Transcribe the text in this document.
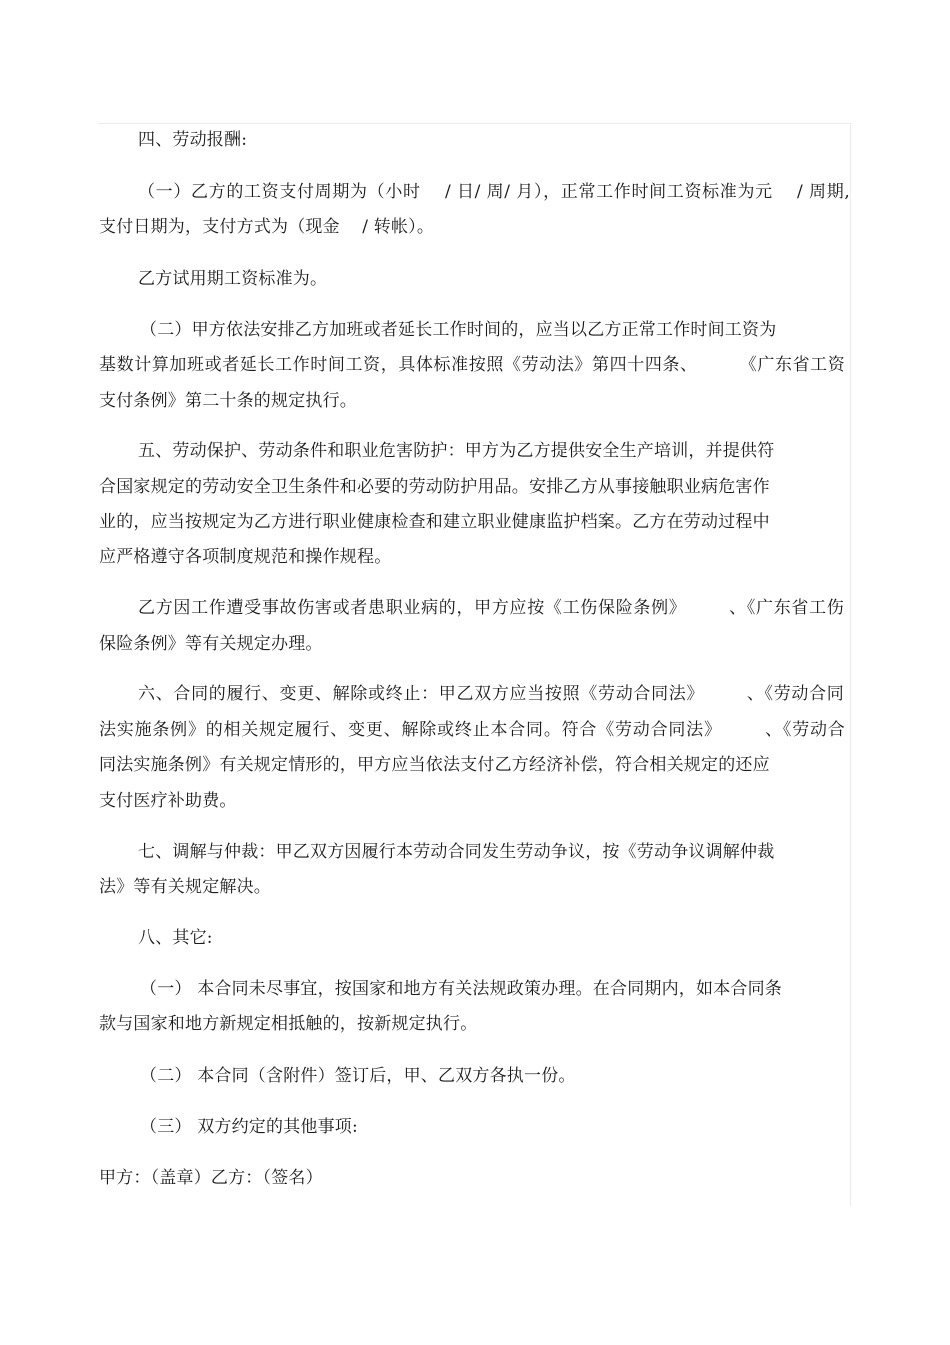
四、劳动报酬:
（一）乙方的工资支付周期为（小时    / 日/ 周/ 月），正常工作时间工资标准为元    / 周期,
支付日期为，支付方式为（现金    / 转帐）。
乙方试用期工资标准为。
（二）甲方依法安排乙方加班或者延长工作时间的，应当以乙方正常工作时间工资为
基数计算加班或者延长工作时间工资，具体标准按照《劳动法》第四十四条、       《广东省工资
支付条例》第二十条的规定执行。
五、劳动保护、劳动条件和职业危害防护：甲方为乙方提供安全生产培训，并提供符
合国家规定的劳动安全卫生条件和必要的劳动防护用品。安排乙方从事接触职业病危害作
业的，应当按规定为乙方进行职业健康检查和建立职业健康监护档案。乙方在劳动过程中
应严格遵守各项制度规范和操作规程。
乙方因工作遭受事故伤害或者患职业病的，甲方应按《工伤保险条例》       、《广东省工伤
保险条例》等有关规定办理。
六、合同的履行、变更、解除或终止：甲乙双方应当按照《劳动合同法》       、《劳动合同
法实施条例》的相关规定履行、变更、解除或终止本合同。符合《劳动合同法》       、《劳动合
同法实施条例》有关规定情形的，甲方应当依法支付乙方经济补偿，符合相关规定的还应
支付医疗补助费。
七、调解与仲裁：甲乙双方因履行本劳动合同发生劳动争议，按《劳动争议调解仲裁
法》等有关规定解决。
八、其它:
（一） 本合同未尽事宜，按国家和地方有关法规政策办理。在合同期内，如本合同条
款与国家和地方新规定相抵触的，按新规定执行。
（二） 本合同（含附件）签订后，甲、乙双方各执一份。
（三） 双方约定的其他事项:
甲方：（盖章）乙方：（签名）
